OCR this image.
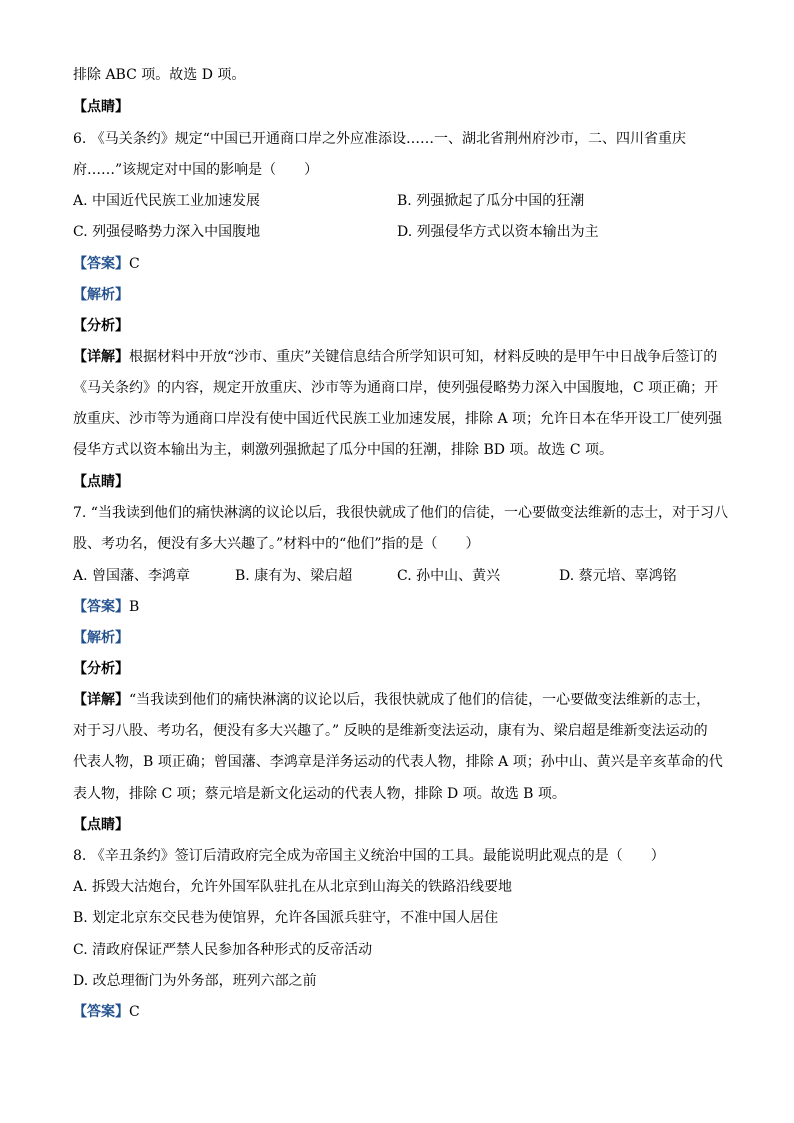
排除 ABC 项。故选 D 项。
【点睛】
6. 《马关条约》规定“中国已开通商口岸之外应准添设……一、湖北省荆州府沙市，二、四川省重庆
府……”该规定对中国的影响是（　　）
A. 中国近代民族工业加速发展	B. 列强掀起了瓜分中国的狂潮
C. 列强侵略势力深入中国腹地	D. 列强侵华方式以资本输出为主
【答案】C
【解析】
【分析】
【详解】根据材料中开放“沙市、重庆”关键信息结合所学知识可知，材料反映的是甲午中日战争后签订的
《马关条约》的内容，规定开放重庆、沙市等为通商口岸，使列强侵略势力深入中国腹地，C 项正确；开
放重庆、沙市等为通商口岸没有使中国近代民族工业加速发展，排除 A 项；允许日本在华开设工厂使列强
侵华方式以资本输出为主，刺激列强掀起了瓜分中国的狂潮，排除 BD 项。故选 C 项。
【点睛】
7. “当我读到他们的痛快淋漓的议论以后，我很快就成了他们的信徒，一心要做变法维新的志士，对于习八
股、考功名，便没有多大兴趣了。”材料中的“他们”指的是（　　）
A. 曾国藩、李鸿章	B. 康有为、梁启超	C. 孙中山、黄兴	D. 蔡元培、辜鸿铭
【答案】B
【解析】
【分析】
【详解】“当我读到他们的痛快淋漓的议论以后，我很快就成了他们的信徒，一心要做变法维新的志士，
对于习八股、考功名，便没有多大兴趣了。” 反映的是维新变法运动，康有为、梁启超是维新变法运动的
代表人物，B 项正确；曾国藩、李鸿章是洋务运动的代表人物，排除 A 项；孙中山、黄兴是辛亥革命的代
表人物，排除 C 项；蔡元培是新文化运动的代表人物，排除 D 项。故选 B 项。
【点睛】
8. 《辛丑条约》签订后清政府完全成为帝国主义统治中国的工具。最能说明此观点的是（　　）
A. 拆毁大沽炮台，允许外国军队驻扎在从北京到山海关的铁路沿线要地
B. 划定北京东交民巷为使馆界，允许各国派兵驻守，不准中国人居住
C. 清政府保证严禁人民参加各种形式的反帝活动
D. 改总理衙门为外务部，班列六部之前
【答案】C
